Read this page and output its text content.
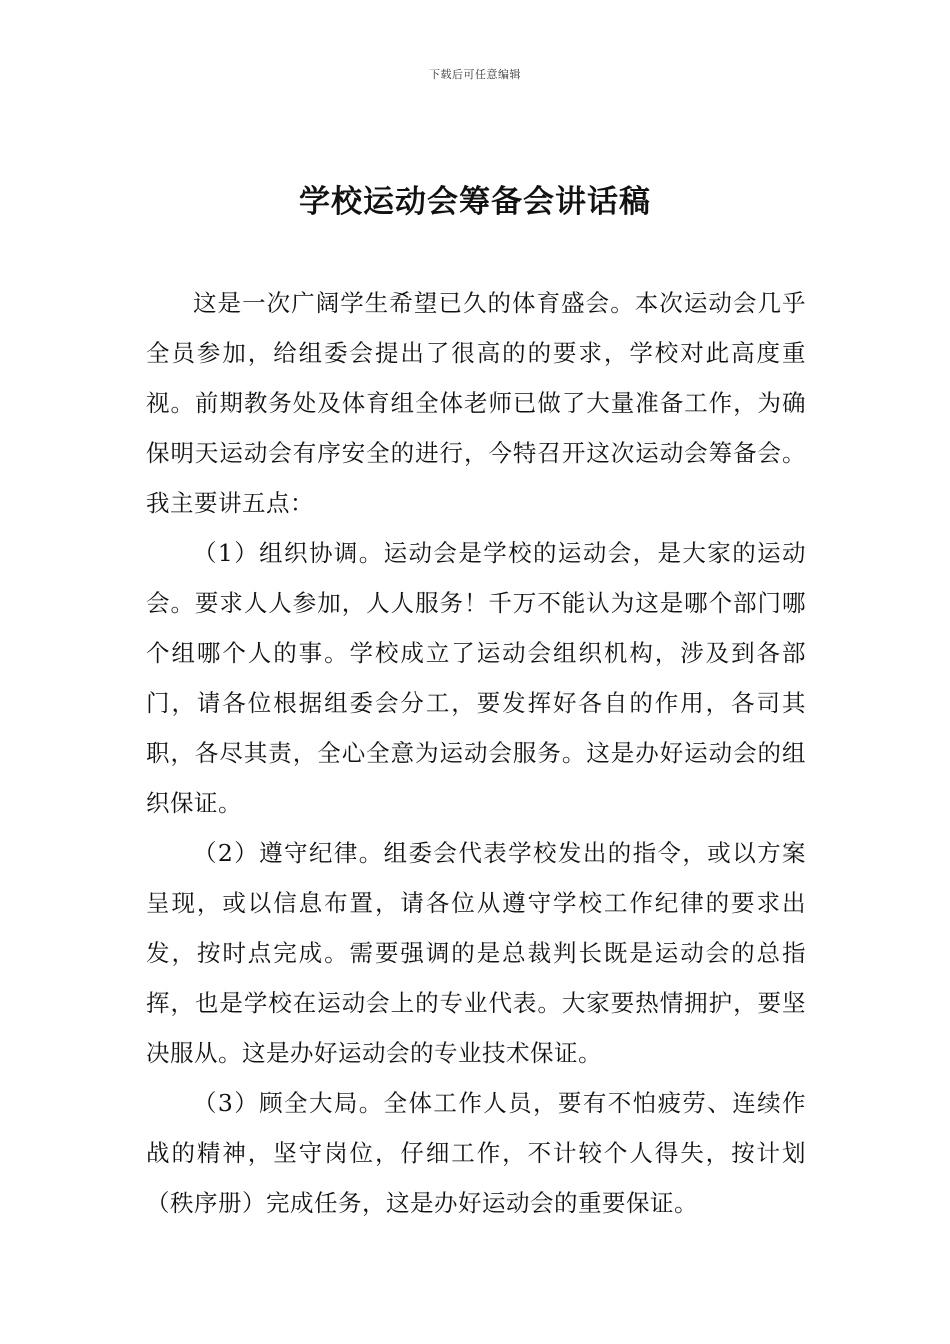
下载后可任意编辑
学校运动会筹备会讲话稿

这是一次广阔学生希望已久的体育盛会。本次运动会几乎全员参加，给组委会提出了很高的的要求，学校对此高度重视。前期教务处及体育组全体老师已做了大量准备工作，为确保明天运动会有序安全的进行，今特召开这次运动会筹备会。我主要讲五点：

（1）组织协调。运动会是学校的运动会，是大家的运动会。要求人人参加，人人服务！千万不能认为这是哪个部门哪个组哪个人的事。学校成立了运动会组织机构，涉及到各部门，请各位根据组委会分工，要发挥好各自的作用，各司其职，各尽其责，全心全意为运动会服务。这是办好运动会的组织保证。

（2）遵守纪律。组委会代表学校发出的指令，或以方案呈现，或以信息布置，请各位从遵守学校工作纪律的要求出发，按时点完成。需要强调的是总裁判长既是运动会的总指挥，也是学校在运动会上的专业代表。大家要热情拥护，要坚决服从。这是办好运动会的专业技术保证。

（3）顾全大局。全体工作人员，要有不怕疲劳、连续作战的精神，坚守岗位，仔细工作，不计较个人得失，按计划（秩序册）完成任务，这是办好运动会的重要保证。
